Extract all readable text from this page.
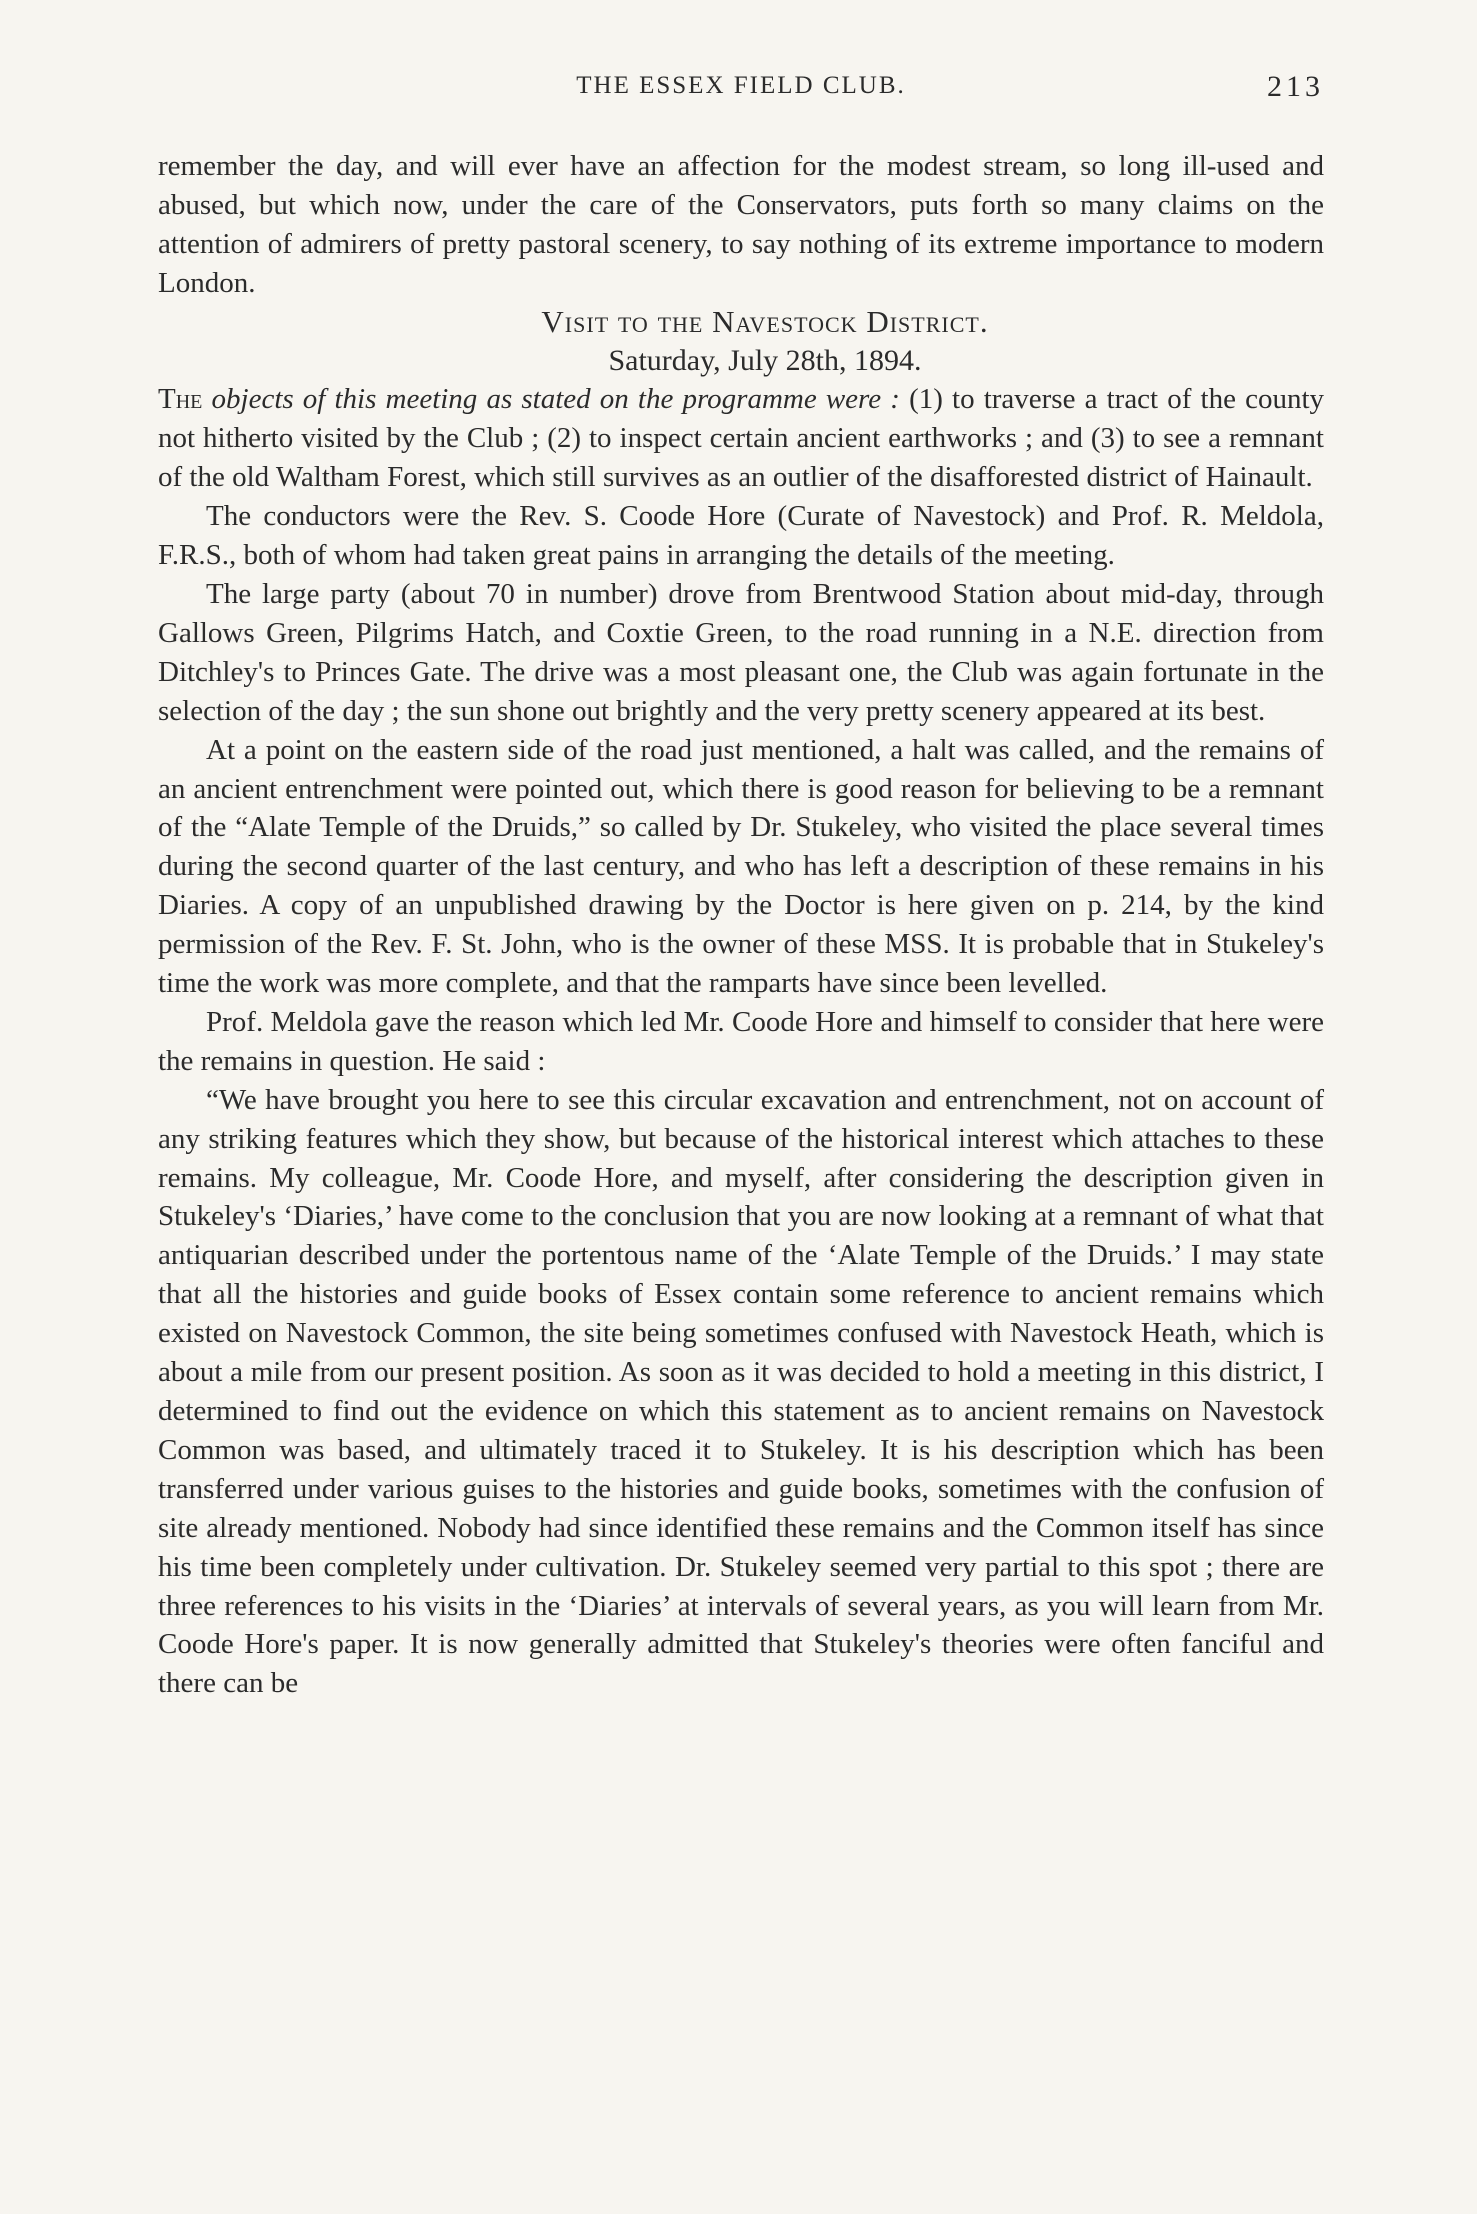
THE ESSEX FIELD CLUB.	213

remember the day, and will ever have an affection for the modest stream, so long ill-used and abused, but which now, under the care of the Conservators, puts forth so many claims on the attention of admirers of pretty pastoral scenery, to say nothing of its extreme importance to modern London.

Visit to the Navestock District.

Saturday, July 28th, 1894.

The objects of this meeting as stated on the programme were : (1) to traverse a tract of the county not hitherto visited by the Club ; (2) to inspect certain ancient earthworks ; and (3) to see a remnant of the old Waltham Forest, which still survives as an outlier of the disafforested district of Hainault.

The conductors were the Rev. S. Coode Hore (Curate of Navestock) and Prof. R. Meldola, F.R.S., both of whom had taken great pains in arranging the details of the meeting.

The large party (about 70 in number) drove from Brentwood Station about mid-day, through Gallows Green, Pilgrims Hatch, and Coxtie Green, to the road running in a N.E. direction from Ditchley's to Princes Gate. The drive was a most pleasant one, the Club was again fortunate in the selection of the day ; the sun shone out brightly and the very pretty scenery appeared at its best.

At a point on the eastern side of the road just mentioned, a halt was called, and the remains of an ancient entrenchment were pointed out, which there is good reason for believing to be a remnant of the “Alate Temple of the Druids,” so called by Dr. Stukeley, who visited the place several times during the second quarter of the last century, and who has left a description of these remains in his Diaries. A copy of an unpublished drawing by the Doctor is here given on p. 214, by the kind permission of the Rev. F. St. John, who is the owner of these MSS. It is probable that in Stukeley's time the work was more complete, and that the ramparts have since been levelled.

Prof. Meldola gave the reason which led Mr. Coode Hore and himself to consider that here were the remains in question. He said :

“We have brought you here to see this circular excavation and entrenchment, not on account of any striking features which they show, but because of the historical interest which attaches to these remains. My colleague, Mr. Coode Hore, and myself, after considering the description given in Stukeley's ‘Diaries,’ have come to the conclusion that you are now looking at a remnant of what that antiquarian described under the portentous name of the ‘Alate Temple of the Druids.’ I may state that all the histories and guide books of Essex contain some reference to ancient remains which existed on Navestock Common, the site being sometimes confused with Navestock Heath, which is about a mile from our present position. As soon as it was decided to hold a meeting in this district, I determined to find out the evidence on which this statement as to ancient remains on Navestock Common was based, and ultimately traced it to Stukeley. It is his description which has been transferred under various guises to the histories and guide books, sometimes with the confusion of site already mentioned. Nobody had since identified these remains and the Common itself has since his time been completely under cultivation. Dr. Stukeley seemed very partial to this spot ; there are three references to his visits in the ‘Diaries’ at intervals of several years, as you will learn from Mr. Coode Hore's paper. It is now generally admitted that Stukeley's theories were often fanciful and there can be
